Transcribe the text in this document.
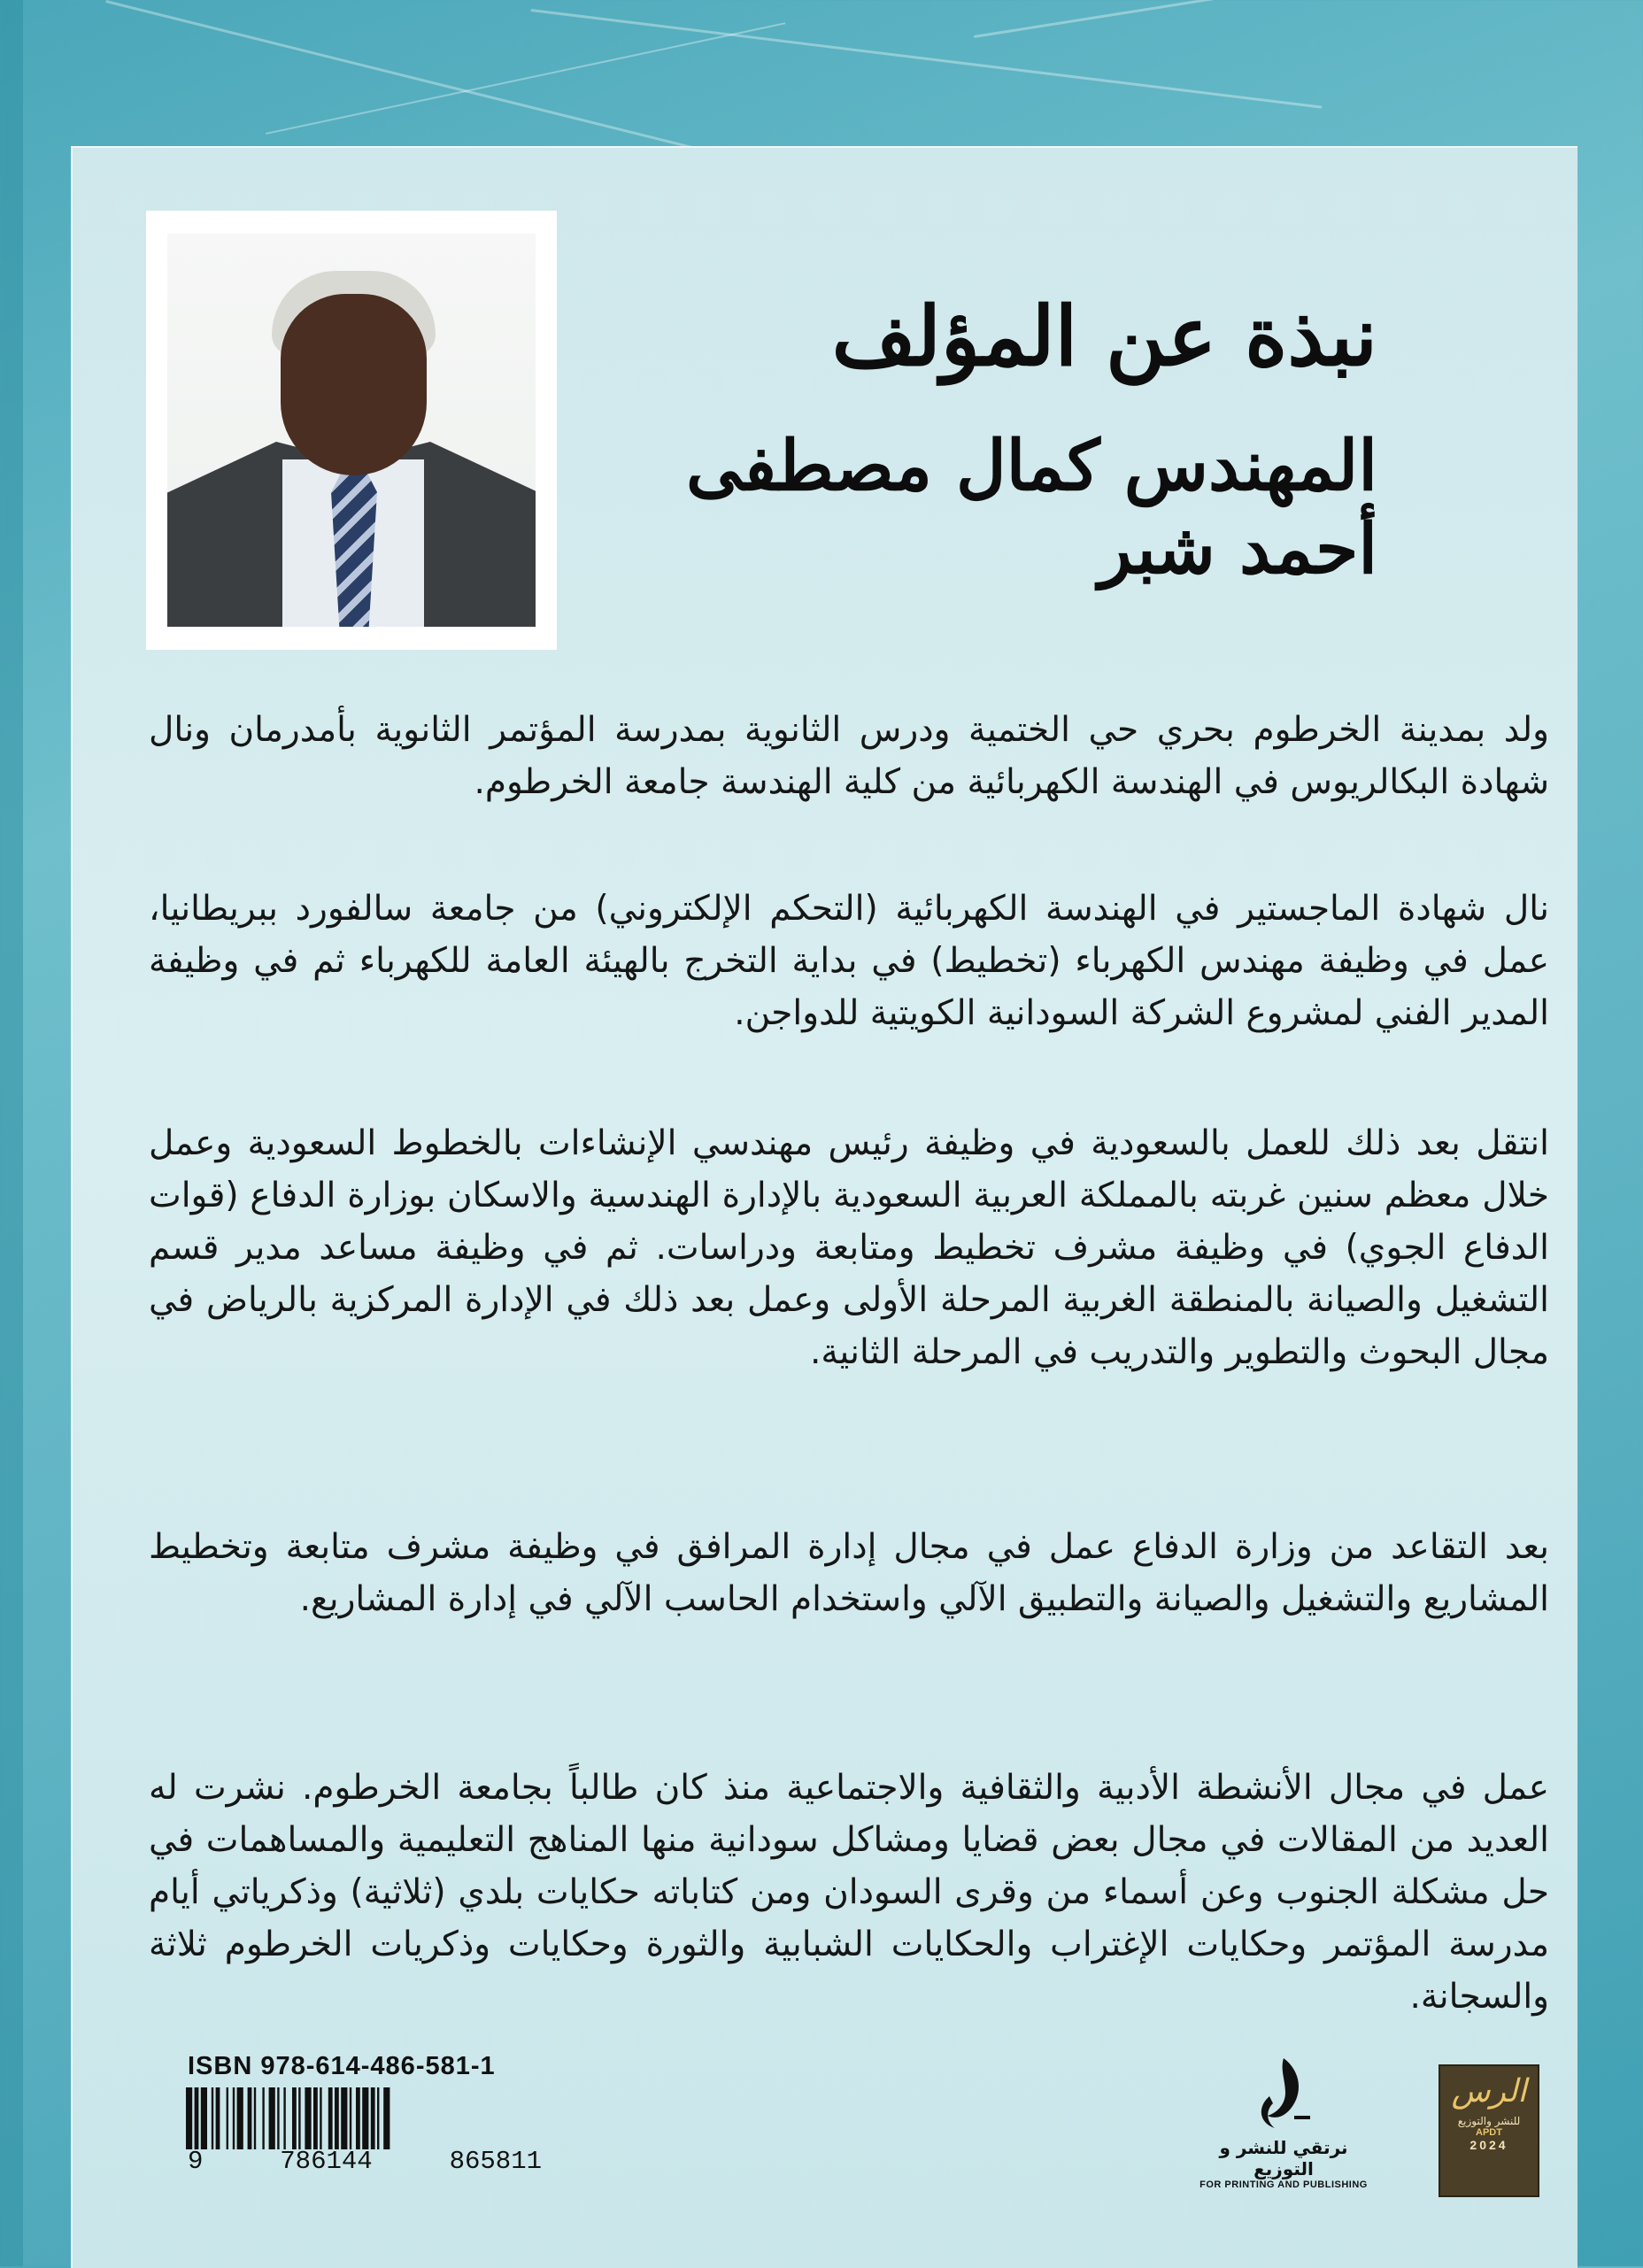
نبذة عن المؤلف
المهندس كمال مصطفى أحمد شبر

ولد بمدينة الخرطوم بحري حي الختمية ودرس الثانوية بمدرسة المؤتمر الثانوية بأمدرمان ونال شهادة البكالريوس في الهندسة الكهربائية من كلية الهندسة جامعة الخرطوم.

نال شهادة الماجستير في الهندسة الكهربائية (التحكم الإلكتروني) من جامعة سالفورد ببريطانيا، عمل في وظيفة مهندس الكهرباء (تخطيط) في بداية التخرج بالهيئة العامة للكهرباء ثم في وظيفة المدير الفني لمشروع الشركة السودانية الكويتية للدواجن.

انتقل بعد ذلك للعمل بالسعودية في وظيفة رئيس مهندسي الإنشاءات بالخطوط السعودية وعمل خلال معظم سنين غربته بالمملكة العربية السعودية بالإدارة الهندسية والاسكان بوزارة الدفاع (قوات الدفاع الجوي) في وظيفة مشرف تخطيط ومتابعة ودراسات. ثم في وظيفة مساعد مدير قسم التشغيل والصيانة بالمنطقة الغربية المرحلة الأولى وعمل بعد ذلك في الإدارة المركزية بالرياض في مجال البحوث والتطوير والتدريب في المرحلة الثانية.

بعد التقاعد من وزارة الدفاع عمل في مجال إدارة المرافق في وظيفة مشرف متابعة وتخطيط المشاريع والتشغيل والصيانة والتطبيق الآلي واستخدام الحاسب الآلي في إدارة المشاريع.

عمل في مجال الأنشطة الأدبية والثقافية والاجتماعية منذ كان طالباً بجامعة الخرطوم. نشرت له العديد من المقالات في مجال بعض قضايا ومشاكل سودانية منها المناهج التعليمية والمساهمات في حل مشكلة الجنوب وعن أسماء من وقرى السودان ومن كتاباته حكايات بلدي (ثلاثية) وذكرياتي أيام مدرسة المؤتمر وحكايات الإغتراب والحكايات الشبابية والثورة وحكايات وذكريات الخرطوم ثلاثة والسجانة.

ISBN 978-614-486-581-1

9	786144	865811	نرتقي للنشر و التوزيع
FOR PRINTING AND PUBLISHING
الرس
للنشر والتوزيع
APDT
2024
